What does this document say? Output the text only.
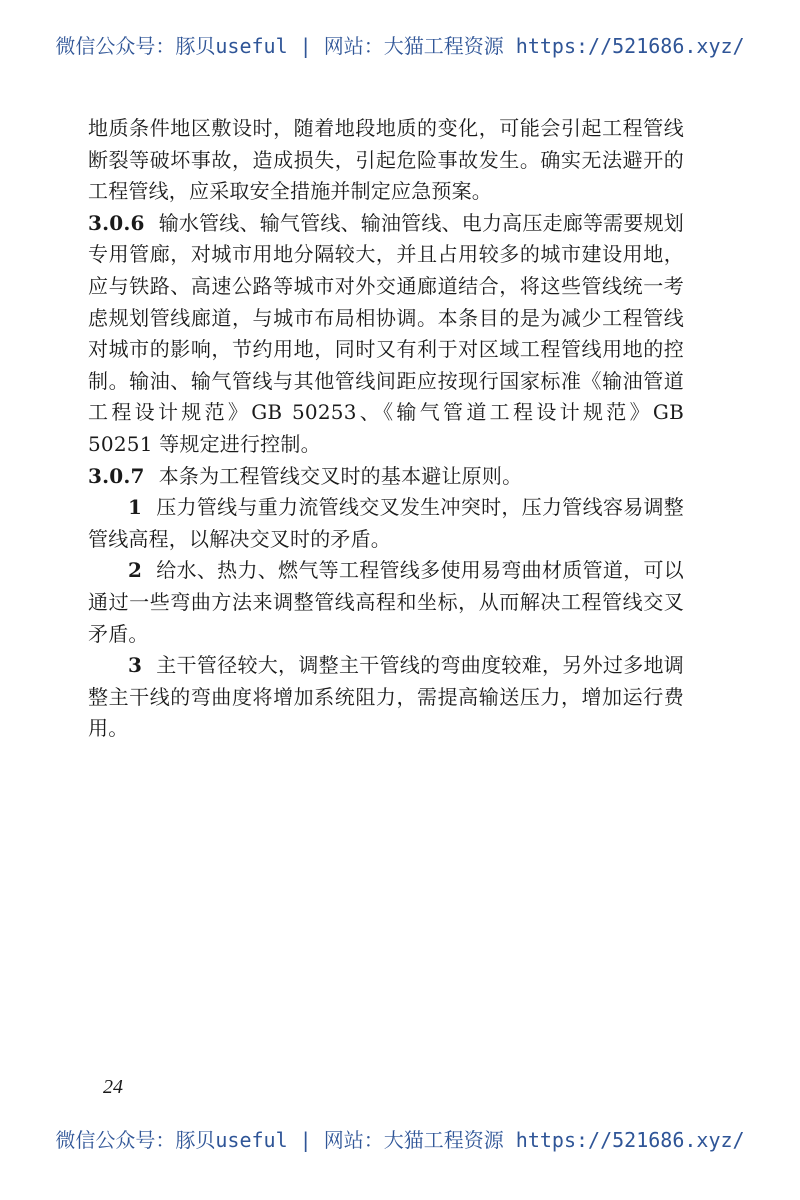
微信公众号：豚贝useful | 网站：大猫工程资源 https://521686.xyz/

地质条件地区敷设时，随着地段地质的变化，可能会引起工程管线断裂等破坏事故，造成损失，引起危险事故发生。确实无法避开的工程管线，应采取安全措施并制定应急预案。

3.0.6 输水管线、输气管线、输油管线、电力高压走廊等需要规划专用管廊，对城市用地分隔较大，并且占用较多的城市建设用地，应与铁路、高速公路等城市对外交通廊道结合，将这些管线统一考虑规划管线廊道，与城市布局相协调。本条目的是为减少工程管线对城市的影响，节约用地，同时又有利于对区域工程管线用地的控制。输油、输气管线与其他管线间距应按现行国家标准《输油管道工程设计规范》GB 50253、《输气管道工程设计规范》GB 50251 等规定进行控制。

3.0.7 本条为工程管线交叉时的基本避让原则。

1 压力管线与重力流管线交叉发生冲突时，压力管线容易调整管线高程，以解决交叉时的矛盾。

2 给水、热力、燃气等工程管线多使用易弯曲材质管道，可以通过一些弯曲方法来调整管线高程和坐标，从而解决工程管线交叉矛盾。

3 主干管径较大，调整主干管线的弯曲度较难，另外过多地调整主干线的弯曲度将增加系统阻力，需提高输送压力，增加运行费用。

24
微信公众号：豚贝useful | 网站：大猫工程资源 https://521686.xyz/
